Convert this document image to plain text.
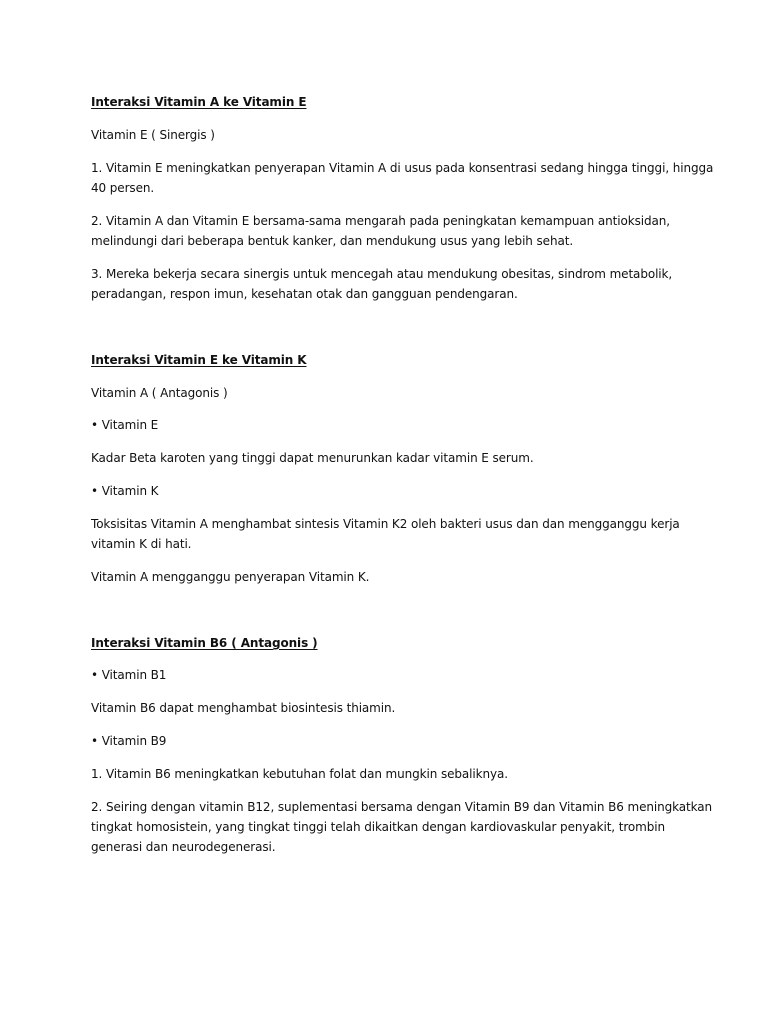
Interaksi Vitamin A ke Vitamin E
Vitamin E ( Sinergis )
1. Vitamin E meningkatkan penyerapan Vitamin A di usus pada konsentrasi sedang hingga tinggi, hingga
40 persen.
2. Vitamin A dan Vitamin E bersama-sama mengarah pada peningkatan kemampuan antioksidan,
melindungi dari beberapa bentuk kanker, dan mendukung usus yang lebih sehat.
3. Mereka bekerja secara sinergis untuk mencegah atau mendukung obesitas, sindrom metabolik,
peradangan, respon imun, kesehatan otak dan gangguan pendengaran.
Interaksi Vitamin E ke Vitamin K
Vitamin A ( Antagonis )
• Vitamin E
Kadar Beta karoten yang tinggi dapat menurunkan kadar vitamin E serum.
• Vitamin K
Toksisitas Vitamin A menghambat sintesis Vitamin K2 oleh bakteri usus dan dan mengganggu kerja
vitamin K di hati.
Vitamin A mengganggu penyerapan Vitamin K.
Interaksi Vitamin B6 ( Antagonis )
• Vitamin B1
Vitamin B6 dapat menghambat biosintesis thiamin.
• Vitamin B9
1. Vitamin B6 meningkatkan kebutuhan folat dan mungkin sebaliknya.
2. Seiring dengan vitamin B12, suplementasi bersama dengan Vitamin B9 dan Vitamin B6 meningkatkan
tingkat homosistein, yang tingkat tinggi telah dikaitkan dengan kardiovaskular penyakit, trombin
generasi dan neurodegenerasi.
